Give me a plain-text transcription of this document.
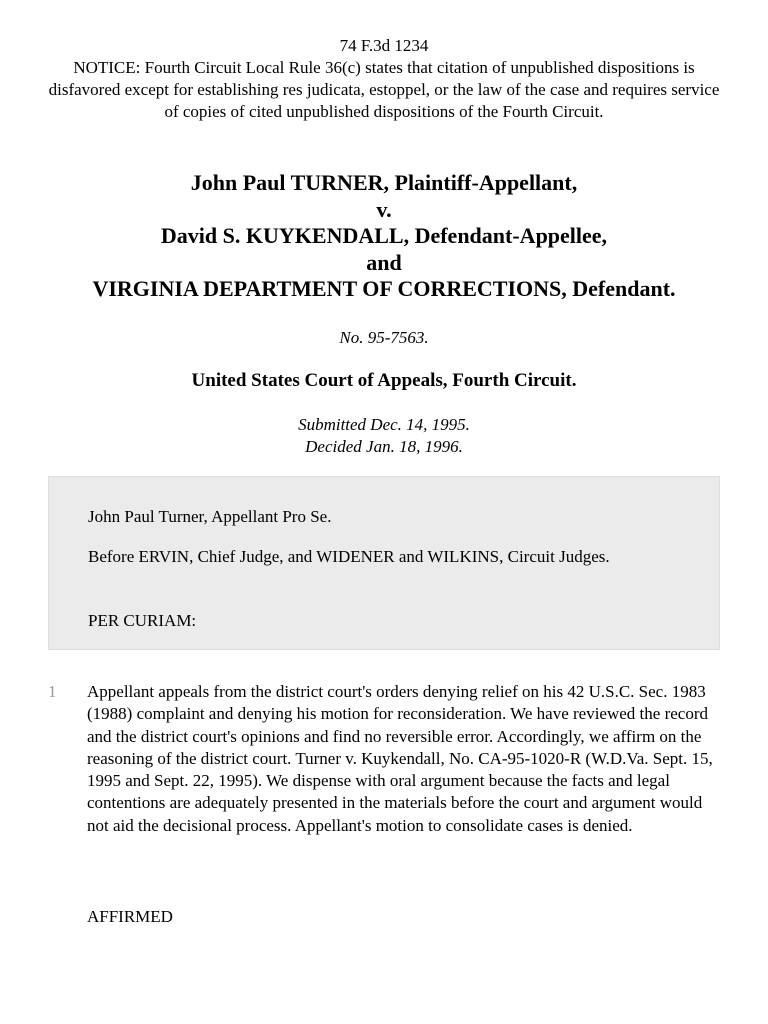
74 F.3d 1234
NOTICE: Fourth Circuit Local Rule 36(c) states that citation of unpublished dispositions is disfavored except for establishing res judicata, estoppel, or the law of the case and requires service of copies of cited unpublished dispositions of the Fourth Circuit.
John Paul TURNER, Plaintiff-Appellant,
v.
David S. KUYKENDALL, Defendant-Appellee,
and
VIRGINIA DEPARTMENT OF CORRECTIONS, Defendant.
No. 95-7563.
United States Court of Appeals, Fourth Circuit.
Submitted Dec. 14, 1995.
Decided Jan. 18, 1996.

John Paul Turner, Appellant Pro Se.

Before ERVIN, Chief Judge, and WIDENER and WILKINS, Circuit Judges.

PER CURIAM:

1 Appellant appeals from the district court's orders denying relief on his 42 U.S.C. Sec. 1983 (1988) complaint and denying his motion for reconsideration. We have reviewed the record and the district court's opinions and find no reversible error. Accordingly, we affirm on the reasoning of the district court. Turner v. Kuykendall, No. CA-95-1020-R (W.D.Va. Sept. 15, 1995 and Sept. 22, 1995). We dispense with oral argument because the facts and legal contentions are adequately presented in the materials before the court and argument would not aid the decisional process. Appellant's motion to consolidate cases is denied.

AFFIRMED
